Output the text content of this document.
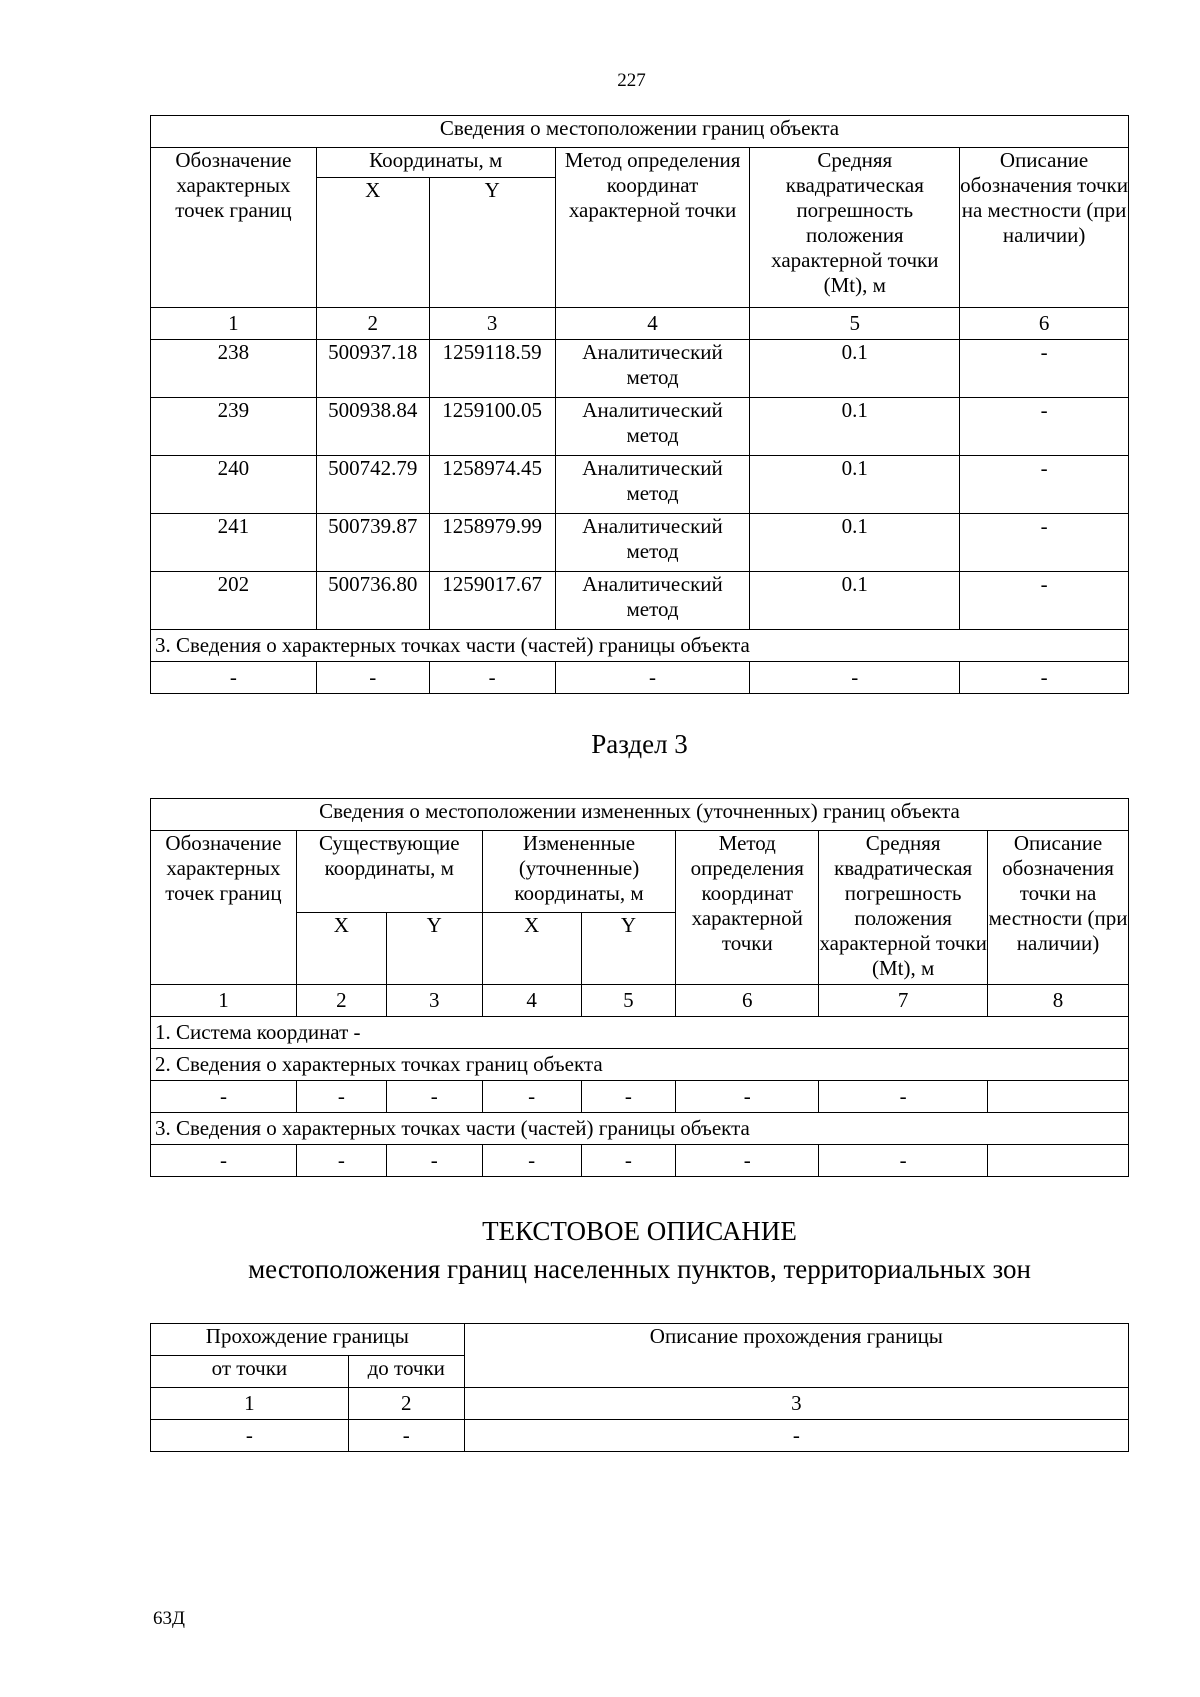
227
Сведения о местоположении границ объекта					
Обозначение характерных точек границ	Координаты, м		Метод определения координат характерной точки	Средняя квадратическая погрешность положения характерной точки (Mt), м	Описание обозначения точки на местности (при наличии)
	X	Y			
1	2	3	4	5	6
238	500937.18	1259118.59	Аналитический метод	0.1	-
239	500938.84	1259100.05	Аналитический метод	0.1	-
240	500742.79	1258974.45	Аналитический метод	0.1	-
241	500739.87	1258979.99	Аналитический метод	0.1	-
202	500736.80	1259017.67	Аналитический метод	0.1	-
3. Сведения о характерных точках части (частей) границы объекта					
-	-	-	-	-	-
Раздел 3
Сведения о местоположении измененных (уточненных) границ объекта							
Обозначение характерных точек границ	Существующие координаты, м		Измененные (уточненные) координаты, м		Метод определения координат характерной точки	Средняя квадратическая погрешность положения характерной точки (Mt), м	Описание обозначения точки на местности (при наличии)
	X	Y	X	Y			
1	2	3	4	5	6	7	8
1. Система координат -							
2. Сведения о характерных точках границ объекта							
-	-	-	-	-	-	-	
3. Сведения о характерных точках части (частей) границы объекта							
-	-	-	-	-	-	-	
ТЕКСТОВОЕ ОПИСАНИЕ
местоположения границ населенных пунктов, территориальных зон
Прохождение границы		Описание прохождения границы
от точки	до точки	
1	2	3
-	-	-
63Д
